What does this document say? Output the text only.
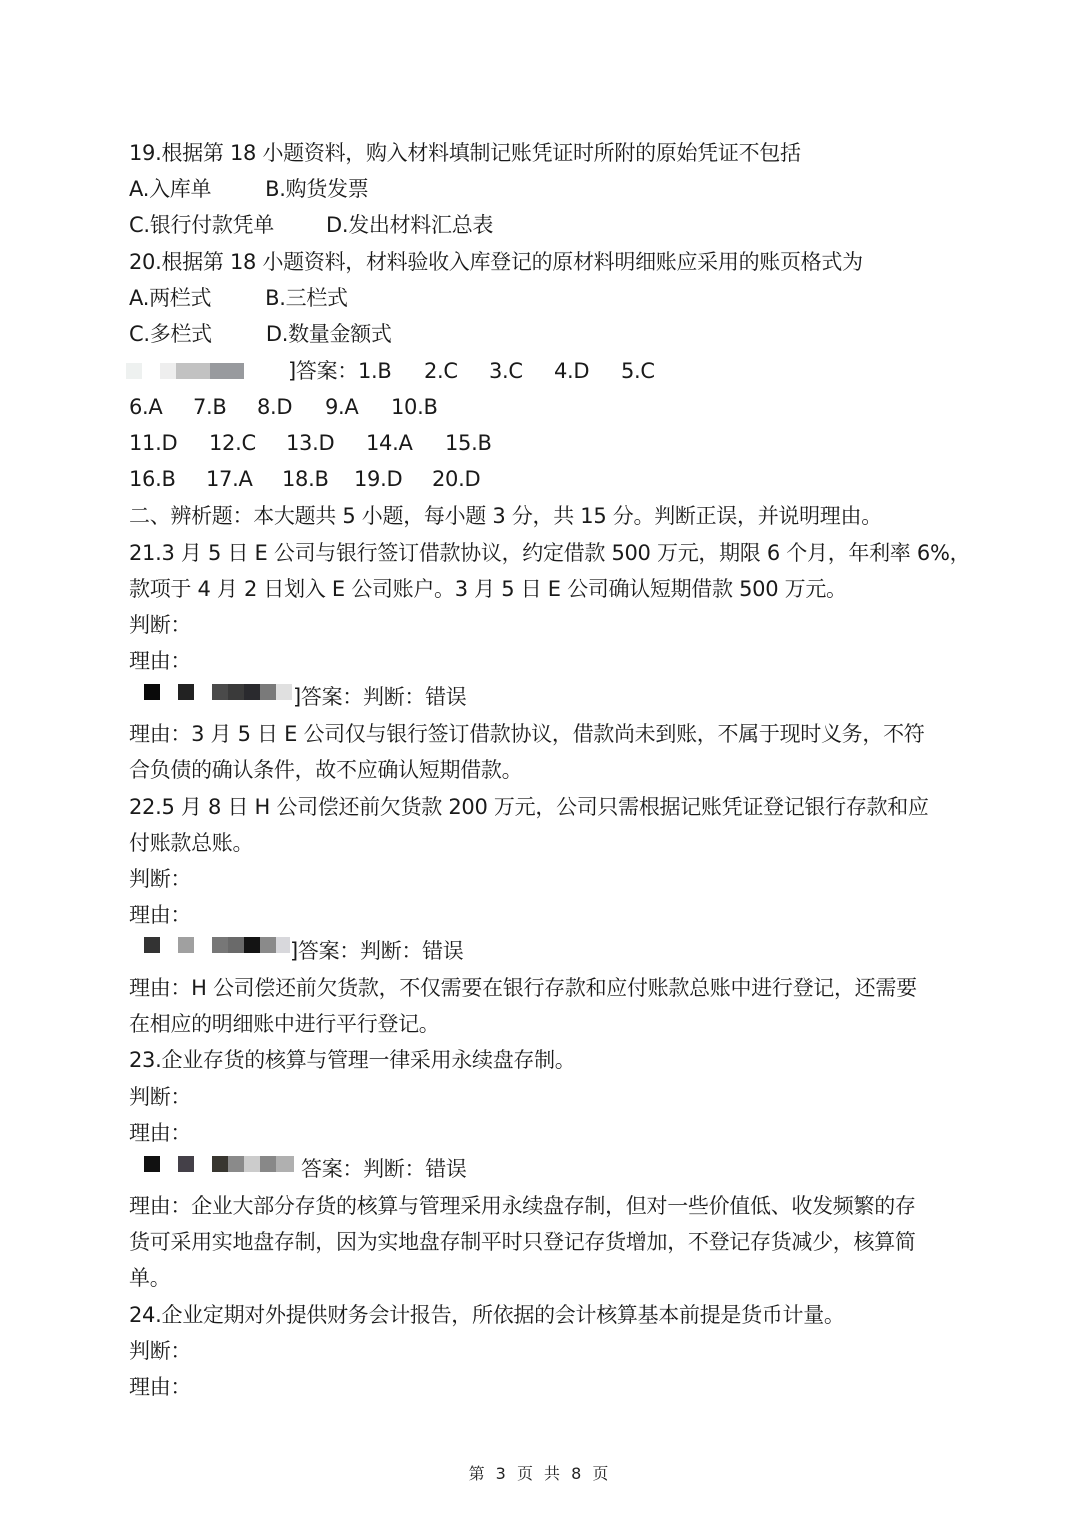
19.根据第 18 小题资料，购入材料填制记账凭证时所附的原始凭证不包括
A.入库单	B.购货发票
C.银行付款凭单 D.发出材料汇总表
20.根据第 18 小题资料，材料验收入库登记的原材料明细账应采用的账页格式为
A.两栏式	B.三栏式
C.多栏式	D.数量金额式
]答案：1.B 2.C 3.C 4.D 5.C
6.A 7.B 8.D 9.A 10.B
11.D 12.C 13.D 14.A 15.B
16.B 17.A 18.B 19.D 20.D
二、辨析题：本大题共 5 小题，每小题 3 分，共 15 分。判断正误，并说明理由。
21.3 月 5 日 E 公司与银行签订借款协议，约定借款 500 万元，期限 6 个月，年利率 6%，
款项于 4 月 2 日划入 E 公司账户。3 月 5 日 E 公司确认短期借款 500 万元。
判断：
理由：
]答案：判断：错误
理由：3 月 5 日 E 公司仅与银行签订借款协议，借款尚未到账，不属于现时义务，不符
合负债的确认条件，故不应确认短期借款。
22.5 月 8 日 H 公司偿还前欠货款 200 万元，公司只需根据记账凭证登记银行存款和应
付账款总账。
判断：
理由：
]答案：判断：错误
理由：H 公司偿还前欠货款，不仅需要在银行存款和应付账款总账中进行登记，还需要
在相应的明细账中进行平行登记。
23.企业存货的核算与管理一律采用永续盘存制。
判断：
理由：
答案：判断：错误
理由：企业大部分存货的核算与管理采用永续盘存制，但对一些价值低、收发频繁的存
货可采用实地盘存制，因为实地盘存制平时只登记存货增加，不登记存货减少，核算简
单。
24.企业定期对外提供财务会计报告，所依据的会计核算基本前提是货币计量。
判断：
理由：
第 3 页 共 8 页
